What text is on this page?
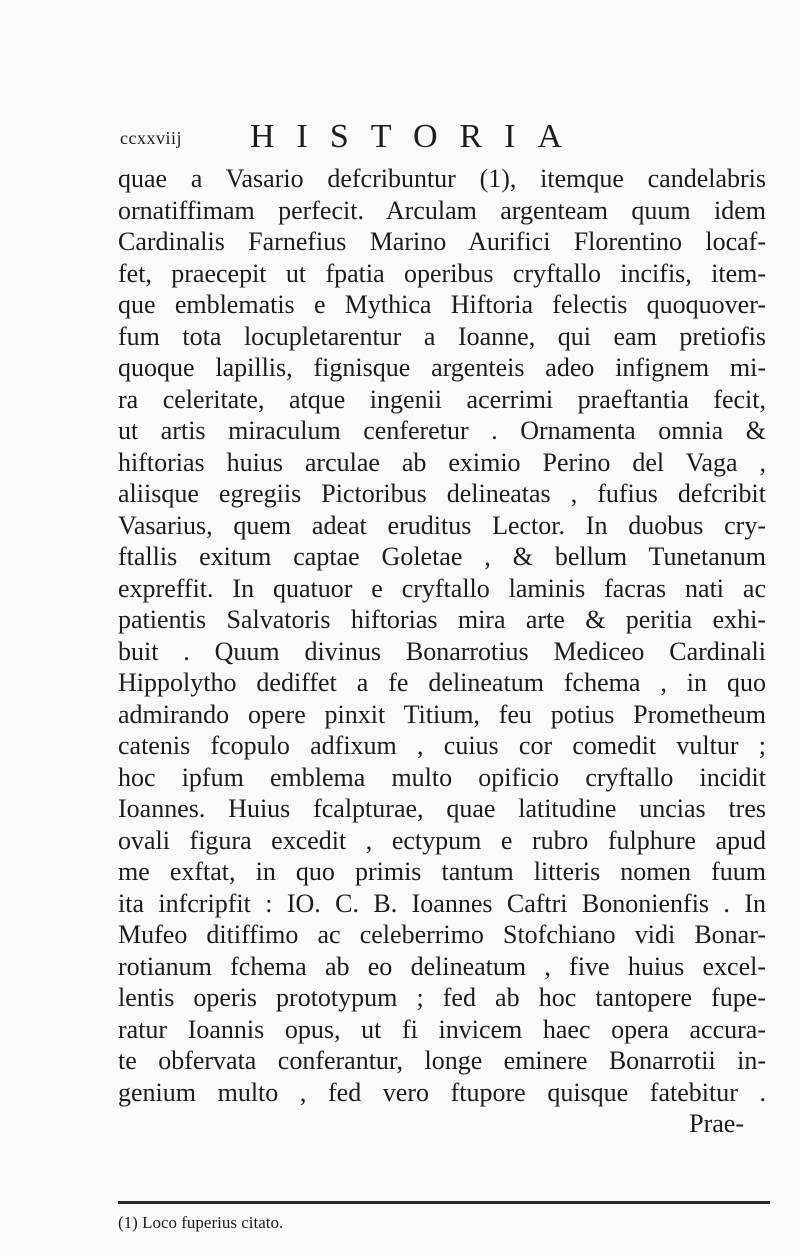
ccxxviij HISTORIA
quae a Vasario defcribuntur (1), itemque candelabris
ornatiffimam perfecit. Arculam argenteam quum idem
Cardinalis Farnefius Marino Aurifici Florentino locaf-
fet, praecepit ut fpatia operibus cryftallo incifis, item-
que emblematis e Mythica Hiftoria felectis quoquover-
fum tota locupletarentur a Ioanne, qui eam pretiofis
quoque lapillis, fignisque argenteis adeo infignem mi-
ra celeritate, atque ingenii acerrimi praeftantia fecit,
ut artis miraculum cenferetur . Ornamenta omnia &
hiftorias huius arculae ab eximio Perino del Vaga ,
aliisque egregiis Pictoribus delineatas , fufius defcribit
Vasarius, quem adeat eruditus Lector. In duobus cry-
ftallis exitum captae Goletae , & bellum Tunetanum
expreffit. In quatuor e cryftallo laminis facras nati ac
patientis Salvatoris hiftorias mira arte & peritia exhi-
buit . Quum divinus Bonarrotius Mediceo Cardinali
Hippolytho dediffet a fe delineatum fchema , in quo
admirando opere pinxit Titium, feu potius Prometheum
catenis fcopulo adfixum , cuius cor comedit vultur ;
hoc ipfum emblema multo opificio cryftallo incidit
Ioannes. Huius fcalpturae, quae latitudine uncias tres
ovali figura excedit , ectypum e rubro fulphure apud
me exftat, in quo primis tantum litteris nomen fuum
ita infcripfit : IO. C. B. Ioannes Caftri Bononienfis . In
Mufeo ditiffimo ac celeberrimo Stofchiano vidi Bonar-
rotianum fchema ab eo delineatum , five huius excel-
lentis operis prototypum ; fed ab hoc tantopere fupe-
ratur Ioannis opus, ut fi invicem haec opera accura-
te obfervata conferantur, longe eminere Bonarrotii in-
genium multo , fed vero ftupore quisque fatebitur .
Prae-
(1) Loco fuperius citato.
